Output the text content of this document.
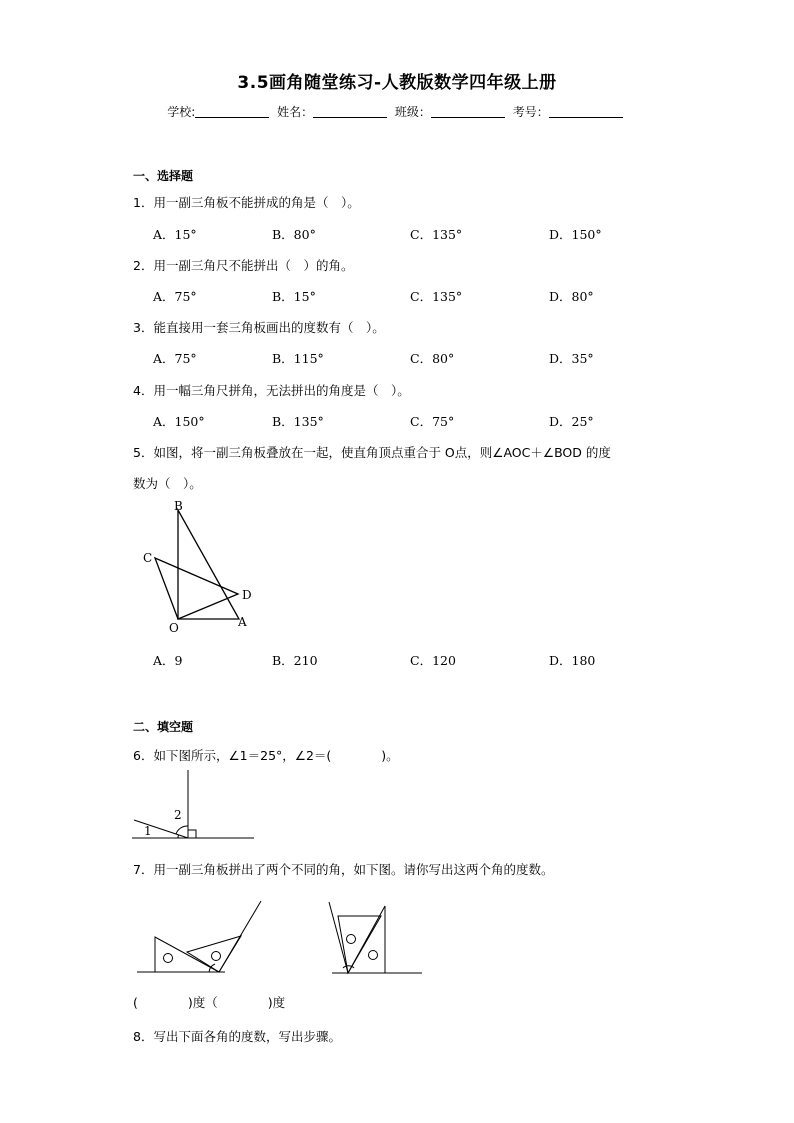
3.5画角随堂练习-人教版数学四年级上册
学校:	姓名：	班级：	考号：
一、选择题
1．用一副三角板不能拼成的角是（　）。
A．15°	B．80°	C．135°	D．150°
2．用一副三角尺不能拼出（　）的角。
A．75°	B．15°	C．135°	D．80°
3．能直接用一套三角板画出的度数有（　）。
A．75°	B．115°	C．80°	D．35°
4．用一幅三角尺拼角，无法拼出的角度是（　）。
A．150°	B．135°	C．75°	D．25°
5．如图，将一副三角板叠放在一起，使直角顶点重合于 O点，则∠AOC＋∠BOD 的度
数为（　）。
B
C
D
O	A
A．9	B．210	C．120	D．180
二、填空题
6．如下图所示，∠1＝25°，∠2＝(　　　　)。
2
1
7．用一副三角板拼出了两个不同的角，如下图。请你写出这两个角的度数。
(　　　　)度（　　　　)度
8．写出下面各角的度数，写出步骤。
